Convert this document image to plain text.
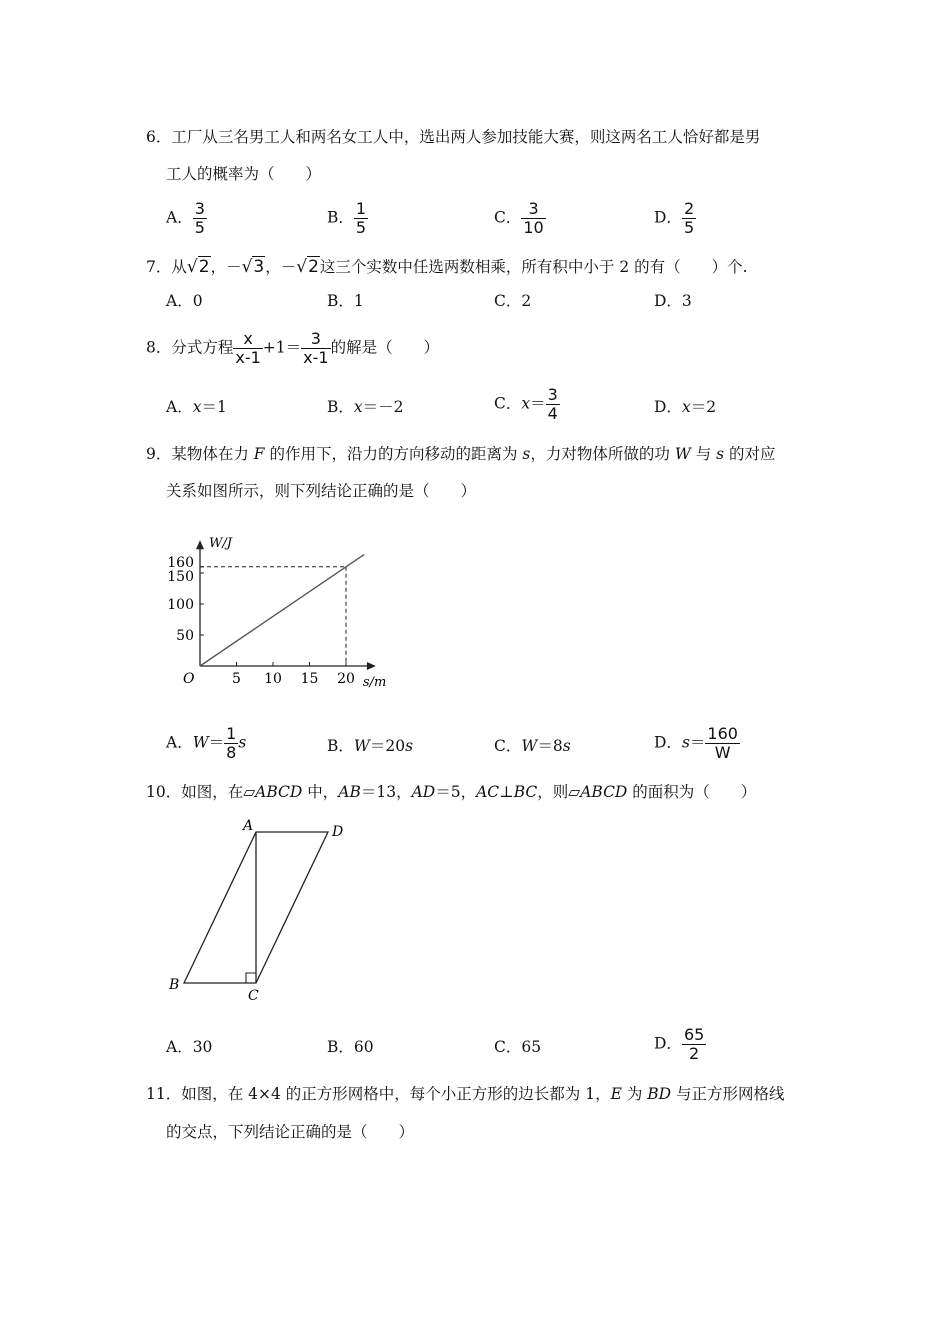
6．工厂从三名男工人和两名女工人中，选出两人参加技能大赛，则这两名工人恰好都是男
工人的概率为（　　）
A． $\frac{3}{5}$	B． $\frac{1}{5}$	C． $\frac{3}{10}$	D． $\frac{2}{5}$
7．从√2，－√3，－√2这三个实数中任选两数相乘，所有积中小于 2 的有（　　）个.
A．0	B．1	C．2	D．3
8．分式方程 $\frac{x}{x-1} +1= \frac{3}{x-1}$ 的解是（　　）
A．x＝1	B．x＝－2	C．$x= \frac{3}{4}$	D．x＝2
9．某物体在力 F 的作用下，沿力的方向移动的距离为 s，力对物体所做的功 W 与 s 的对应
关系如图所示，则下列结论正确的是（　　）
W/J
s/m
O	5 10 15 20
50
100
150
160
A．$W= \frac{1}{8}$ s	B．W＝20s	C．W＝8s	D．$s= \frac{160}{W}$
10．如图，在▱ABCD 中，AB＝13，AD＝5，AC⊥BC，则▱ABCD 的面积为（　　）
A	D
B
C
A．30	B．60	C．65	D． $\frac{65}{2}$
11．如图，在 4×4 的正方形网格中，每个小正方形的边长都为 1，E 为 BD 与正方形网格线
的交点，下列结论正确的是（　　）
